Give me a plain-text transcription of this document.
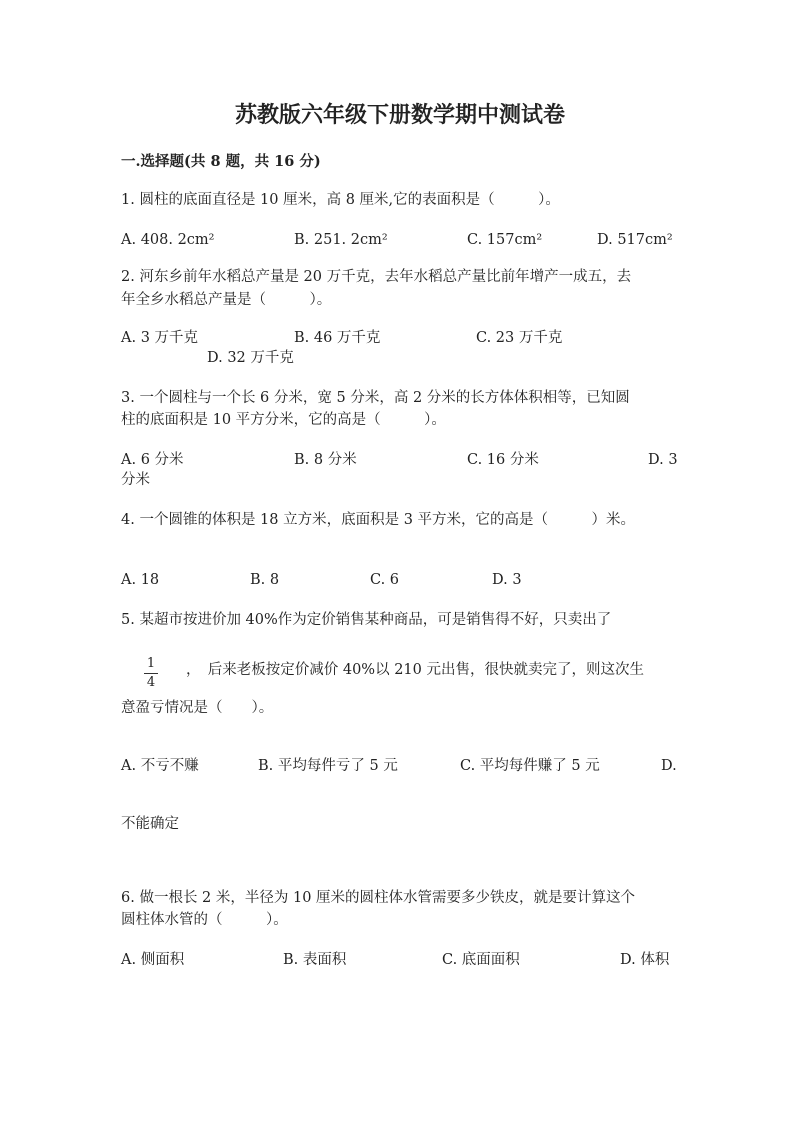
苏教版六年级下册数学期中测试卷
一.选择题(共 8 题，共 16 分)
1. 圆柱的底面直径是 10 厘米，高 8 厘米,它的表面积是（　　　）。
A. 408. 2cm²	B. 251. 2cm²	C. 157cm²	D. 517cm²
2. 河东乡前年水稻总产量是 20 万千克，去年水稻总产量比前年增产一成五，去
年全乡水稻总产量是（　　　）。
A. 3 万千克	B. 46 万千克	C. 23 万千克
D. 32 万千克
3. 一个圆柱与一个长 6 分米，宽 5 分米，高 2 分米的长方体体积相等，已知圆
柱的底面积是 10 平方分米，它的高是（　　　）。
A. 6 分米	B. 8 分米	C. 16 分米	D. 3
分米
4. 一个圆锥的体积是 18 立方米，底面积是 3 平方米，它的高是（　　　）米。
A. 18	B. 8	C. 6	D. 3
5. 某超市按进价加 40%作为定价销售某种商品，可是销售得不好，只卖出了
1
4
，　后来老板按定价减价 40%以 210 元出售，很快就卖完了，则这次生
意盈亏情况是（　　）。
A. 不亏不赚	B. 平均每件亏了 5 元	C. 平均每件赚了 5 元	D.
不能确定
6. 做一根长 2 米，半径为 10 厘米的圆柱体水管需要多少铁皮，就是要计算这个
圆柱体水管的（　　　）。
A. 侧面积	B. 表面积	C. 底面面积	D. 体积
